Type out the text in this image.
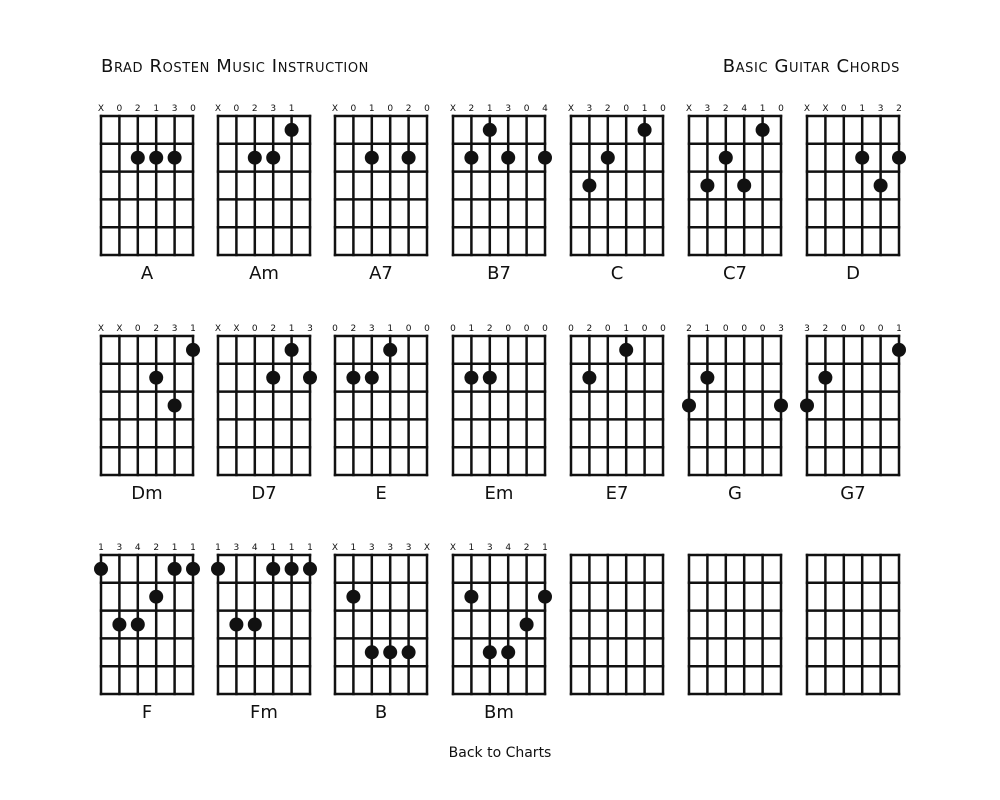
Brad Rosten Music Instruction	Basic Guitar Chords
X 0 2 1 3 0
A
X 0 2 3 1
Am
X 0 1 0 2 0
A7
X 2 1 3 0 4
B7
X 3 2 0 1 0
C
X 3 2 4 1 0
C7
X X 0 1 3 2
D
X X 0 2 3 1
Dm
X X 0 2 1 3
D7
0 2 3 1 0 0
E
0 1 2 0 0 0
Em
0 2 0 1 0 0
E7
2 1 0 0 0 3
G
3 2 0 0 0 1
G7
1 3 4 2 1 1
F
1 3 4 1 1 1
Fm
X 1 3 3 3 X
B
X 1 3 4 2 1
Bm
Back to Charts
